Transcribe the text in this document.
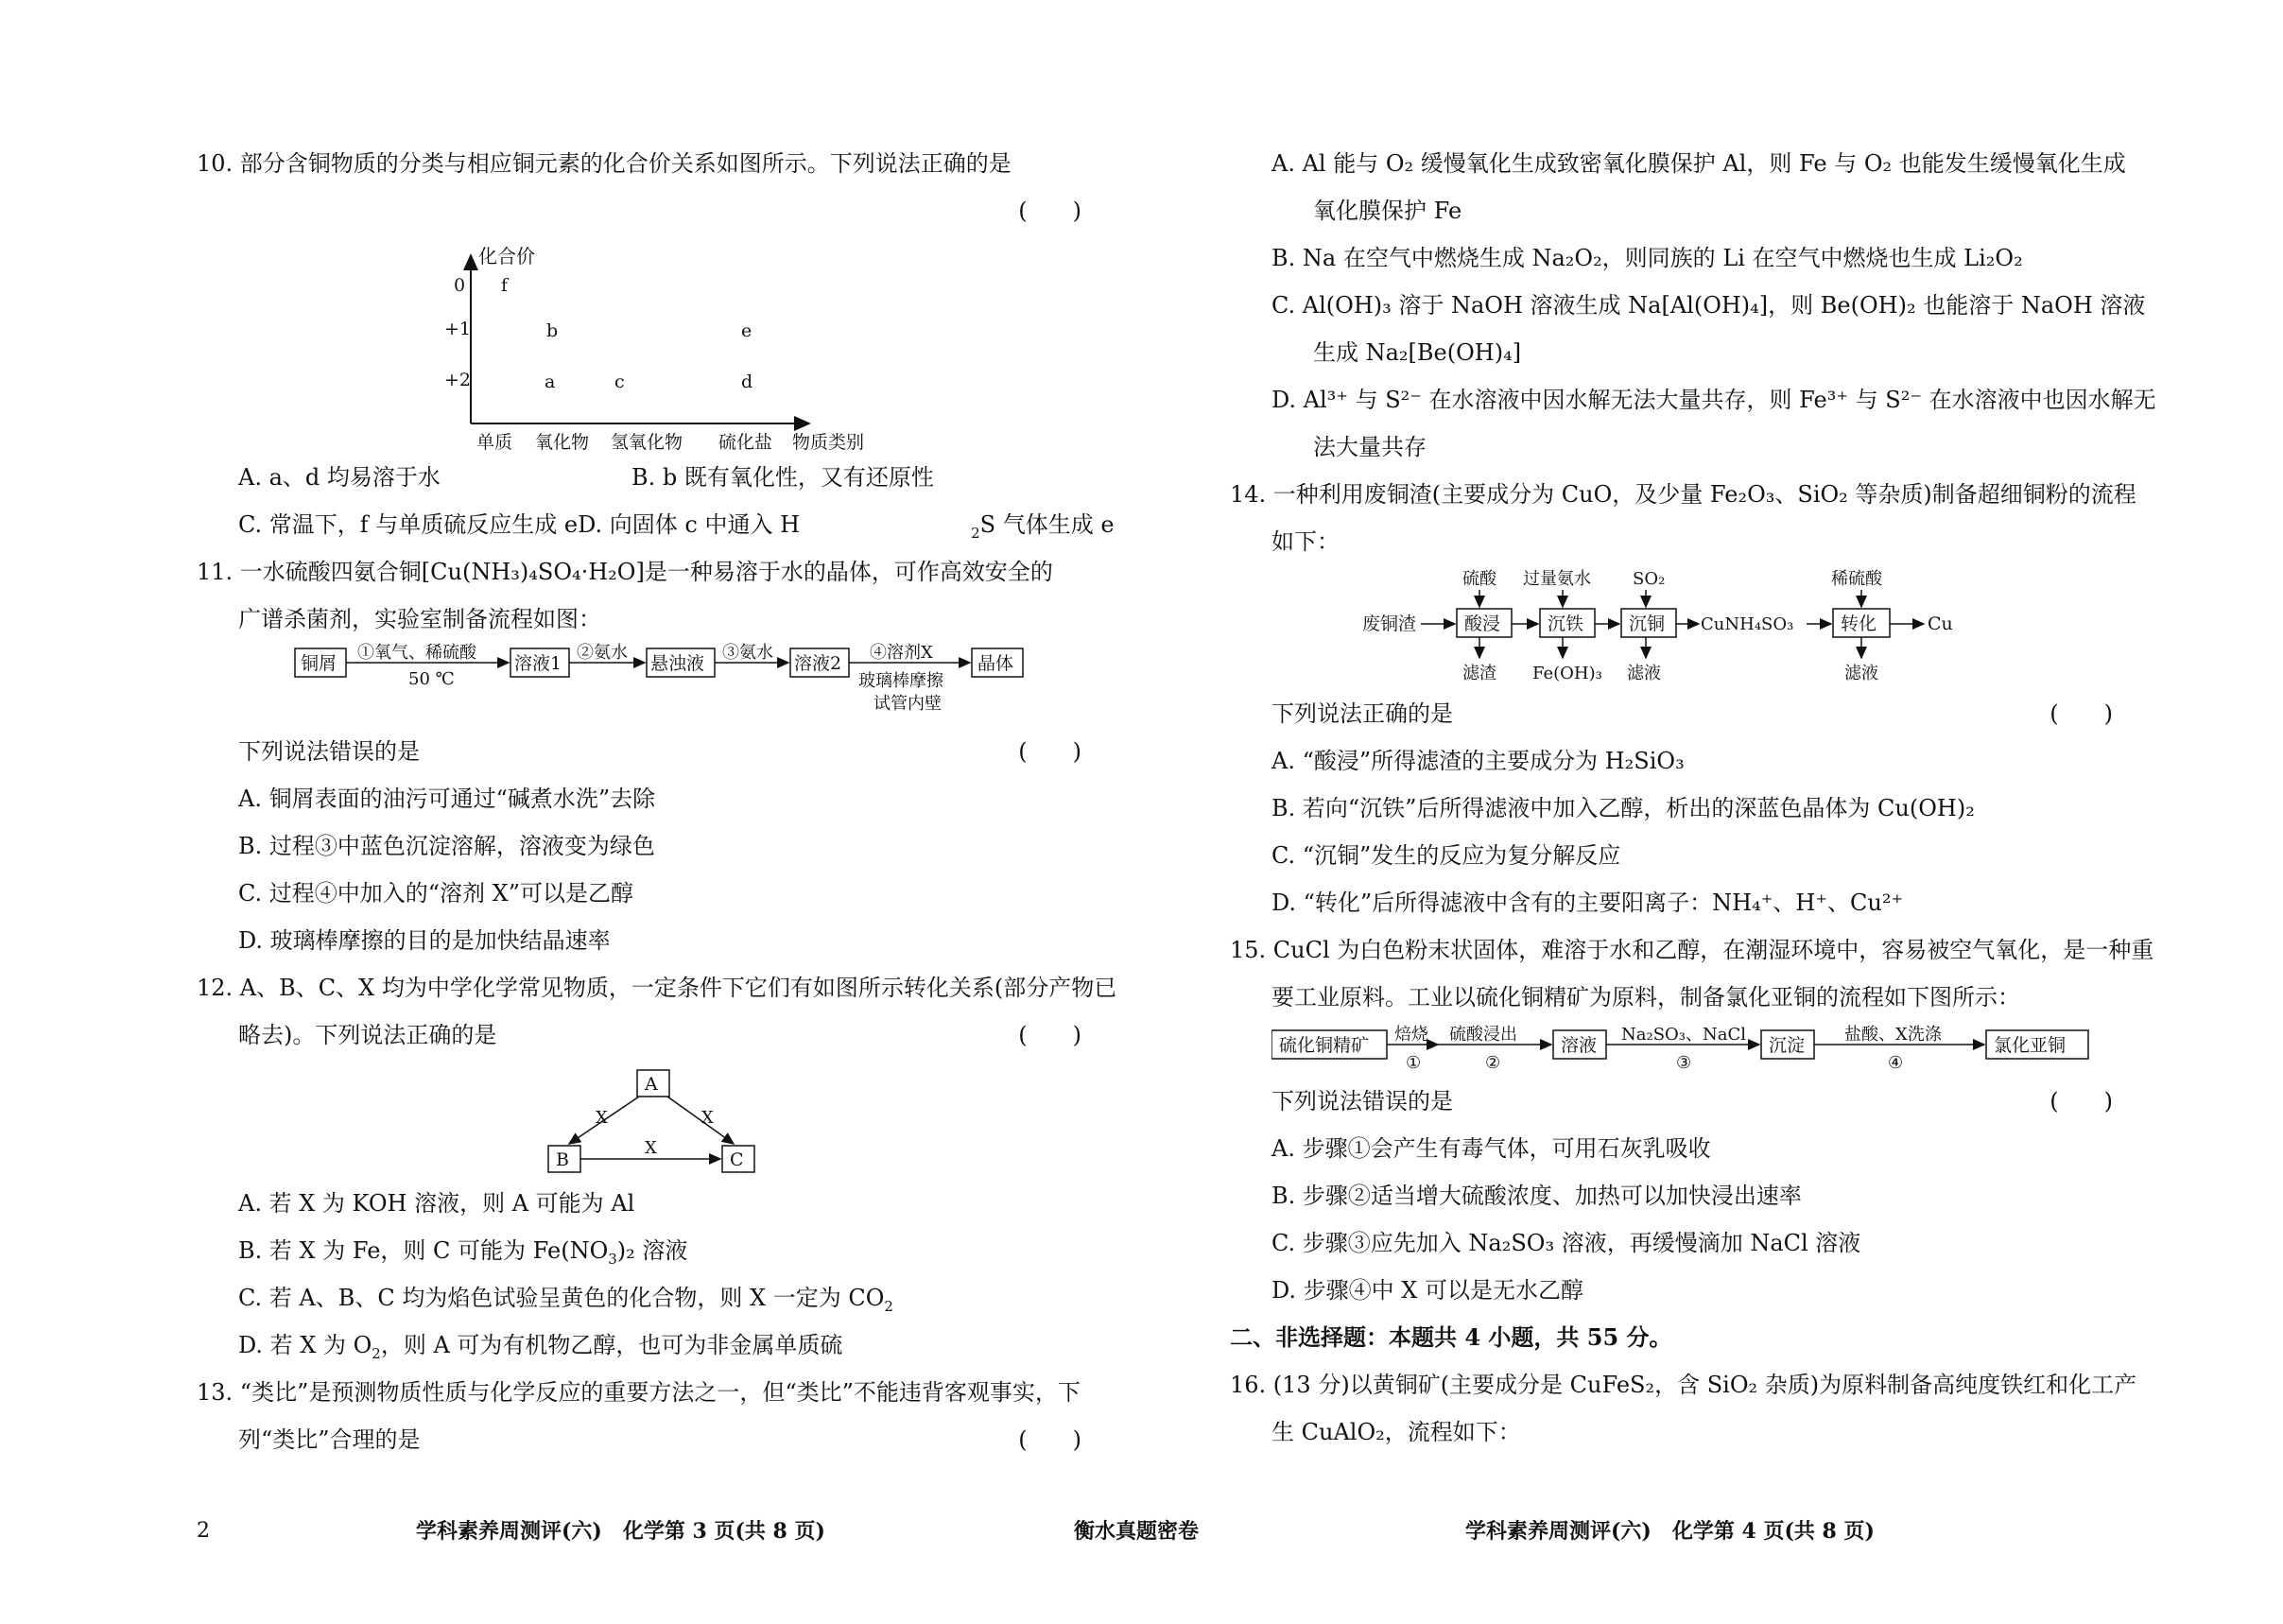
10. 部分含铜物质的分类与相应铜元素的化合价关系如图所示。下列说法正确的是
(　　)
化合价
+2
+1
0
a	c	d
b	e
f
单质 氧化物 氢氧化物 硫化盐 物质类别
A. a、d 均易溶于水	B. b 既有氧化性，又有还原性
C. 常温下，f 与单质硫反应生成 e D. 向固体 c 中通入 H	$_2$S 气体生成 e
11. 一水硫酸四氨合铜[Cu(NH₃)₄SO₄·H₂O]是一种易溶于水的晶体，可作高效安全的
广谱杀菌剂，实验室制备流程如图：
铜屑
①氧气、稀硫酸
50 ℃
溶液1
②氨水
悬浊液
③氨水
溶液2
④溶剂X
玻璃棒摩擦
试管内壁
晶体
下列说法错误的是	(　　)
A. 铜屑表面的油污可通过“碱煮水洗”去除
B. 过程③中蓝色沉淀溶解，溶液变为绿色
C. 过程④中加入的“溶剂 X”可以是乙醇
D. 玻璃棒摩擦的目的是加快结晶速率
12. A、B、C、X 均为中学化学常见物质，一定条件下它们有如图所示转化关系(部分产物已
略去)。下列说法正确的是	(　　)
A
B	C
X	X
X
A. 若 X 为 KOH 溶液，则 A 可能为 Al
B. 若 X 为 Fe，则 C 可能为 $Fe(NO_3)_2$ 溶液
C. 若 A、B、C 均为焰色试验呈黄色的化合物，则 X 一定为 $CO_2$
D. 若 X 为 $O_2$，则 A 可为有机物乙醇，也可为非金属单质硫
13. “类比”是预测物质性质与化学反应的重要方法之一，但“类比”不能违背客观事实，下
列“类比”合理的是	(　　)
A. Al 能与 O₂ 缓慢氧化生成致密氧化膜保护 Al，则 Fe 与 O₂ 也能发生缓慢氧化生成
氧化膜保护 Fe
B. Na 在空气中燃烧生成 Na₂O₂，则同族的 Li 在空气中燃烧也生成 Li₂O₂
C. Al(OH)₃ 溶于 NaOH 溶液生成 Na[Al(OH)₄]，则 Be(OH)₂ 也能溶于 NaOH 溶液
生成 Na₂[Be(OH)₄]
D. Al³⁺ 与 S²⁻ 在水溶液中因水解无法大量共存，则 Fe³⁺ 与 S²⁻ 在水溶液中也因水解无
法大量共存
14. 一种利用废铜渣(主要成分为 CuO，及少量 Fe₂O₃、SiO₂ 等杂质)制备超细铜粉的流程
如下：
废铜渣
硫酸
酸浸
滤渣
过量氨水
沉铁
Fe(OH)₃
SO₂
沉铜
滤液
CuNH₄SO₃
稀硫酸
转化
滤液
Cu
下列说法正确的是	(　　)
A. “酸浸”所得滤渣的主要成分为 H₂SiO₃
B. 若向“沉铁”后所得滤液中加入乙醇，析出的深蓝色晶体为 Cu(OH)₂
C. “沉铜”发生的反应为复分解反应
D. “转化”后所得滤液中含有的主要阳离子：NH₄⁺、H⁺、Cu²⁺
15. CuCl 为白色粉末状固体，难溶于水和乙醇，在潮湿环境中，容易被空气氧化，是一种重
要工业原料。工业以硫化铜精矿为原料，制备氯化亚铜的流程如下图所示：
硫化铜精矿
焙烧
①
硫酸浸出
②
溶液
Na₂SO₃、NaCl
③
沉淀
盐酸、X洗涤
④
氯化亚铜
下列说法错误的是	(　　)
A. 步骤①会产生有毒气体，可用石灰乳吸收
B. 步骤②适当增大硫酸浓度、加热可以加快浸出速率
C. 步骤③应先加入 Na₂SO₃ 溶液，再缓慢滴加 NaCl 溶液
D. 步骤④中 X 可以是无水乙醇
二、非选择题：本题共 4 小题，共 55 分。
16. (13 分)以黄铜矿(主要成分是 CuFeS₂，含 SiO₂ 杂质)为原料制备高纯度铁红和化工产
生 CuAlO₂，流程如下：
2	学科素养周测评(六)　化学第 3 页(共 8 页)	衡水真题密卷	学科素养周测评(六)　化学第 4 页(共 8 页)
